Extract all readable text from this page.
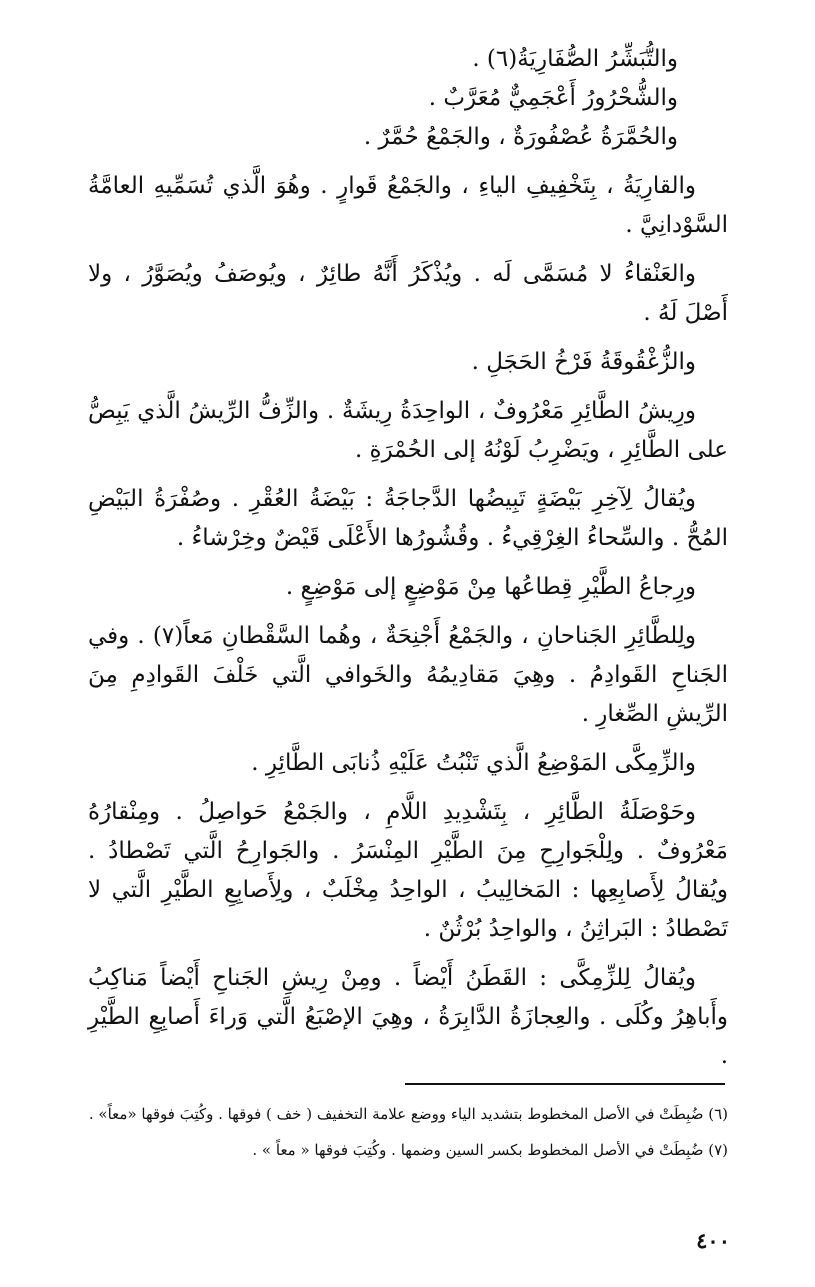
والتُّبَشِّرُ الصُّفَارِيَةُ(٦) .

والشُّحْرُورُ أَعْجَمِيٌّ مُعَرَّبٌ .

والحُمَّرَةُ عُصْفُورَةٌ ، والجَمْعُ حُمَّرٌ .

والقارِيَةُ ، بِتَخْفِيفِ الياءِ ، والجَمْعُ قَوارٍ . وهُوَ الَّذي تُسَمِّيهِ العامَّةُ السَّوْدانِيَّ .

والعَنْقاءُ لا مُسَمَّى لَه . ويُذْكَرُ أَنَّهُ طائِرٌ ، ويُوصَفُ ويُصَوَّرُ ، ولا أَصْلَ لَهُ .

والزُّغْقُوقَةُ فَرْخُ الحَجَلِ .

ورِيشُ الطَّائِرِ مَعْرُوفٌ ، الواحِدَةُ رِيشَةٌ . والزِّفُّ الرِّيشُ الَّذي يَبِصُّ على الطَّائِرِ ، ويَضْرِبُ لَوْنُهُ إلى الحُمْرَةِ .

ويُقالُ لِآخِرِ بَيْضَةٍ تَبِيضُها الدَّجاجَةُ : بَيْضَةُ العُقْرِ . وصُفْرَةُ البَيْضِ المُحُّ . والسِّحاءُ الغِرْقِيءُ . وقُشُورُها الأَعْلَى قَيْضٌ وخِرْشاءُ .

ورِجاعُ الطَّيْرِ قِطاعُها مِنْ مَوْضِعٍ إلى مَوْضِعٍ .

ولِلطَّائِرِ الجَناحانِ ، والجَمْعُ أَجْنِحَةٌ ، وهُما السَّقْطانِ مَعاً(٧) . وفي الجَناحِ القَوادِمُ . وهِيَ مَقادِيمُهُ والخَوافي الَّتي خَلْفَ القَوادِمِ مِنَ الرِّيشِ الصِّغارِ .

والزِّمِكَّى المَوْضِعُ الَّذي تَنْبُتُ عَلَيْهِ ذُنابَى الطَّائِرِ .

وحَوْصَلَةُ الطَّائِرِ ، بِتَشْدِيدِ اللَّامِ ، والجَمْعُ حَواصِلُ . ومِنْقارُهُ مَعْرُوفٌ . ولِلْجَوارِحِ مِنَ الطَّيْرِ المِنْسَرُ . والجَوارِحُ الَّتي تَصْطادُ . ويُقالُ لِأَصابِعِها : المَخالِيبُ ، الواحِدُ مِخْلَبٌ ، ولِأَصابِعِ الطَّيْرِ الَّتي لا تَصْطادُ : البَراثِنُ ، والواحِدُ بُرْثُنٌ .

ويُقالُ لِلزِّمِكَّى : القَطَنُ أَيْضاً . ومِنْ رِيشِ الجَناحِ أَيْضاً مَناكِبُ وأَباهِرُ وكُلَى . والعِجازَةُ الدَّابِرَةُ ، وهِيَ الإصْبَعُ الَّتي وَراءَ أَصابِعِ الطَّيْرِ .

(٦) ضُبِطَتْ في الأصل المخطوط بتشديد الياء ووضع علامة التخفيف ( خف ) فوقها . وكُتِبَ فوقها «معاً» .

(٧) ضُبِطَتْ في الأصل المخطوط بكسر السين وضمها . وكُتِبَ فوقها « معاً » .

٤٠٠
